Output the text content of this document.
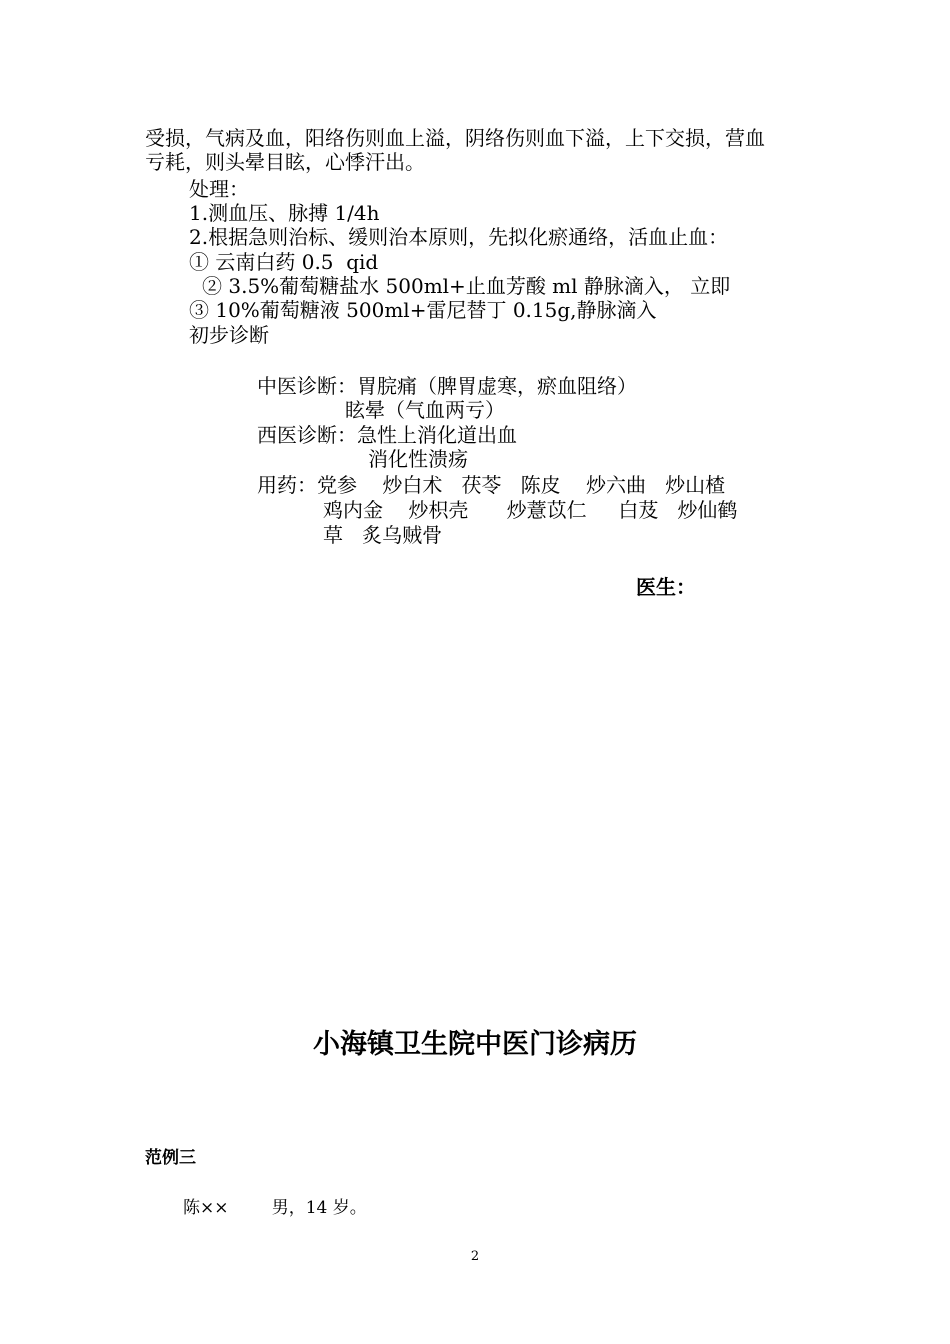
受损，气病及血，阳络伤则血上溢，阴络伤则血下溢，上下交损，营血
亏耗，则头晕目眩，心悸汗出。
处理：
1.测血压、脉搏 1/4h
2.根据急则治标、缓则治本原则，先拟化瘀通络，活血止血：
① 云南白药 0.5  qid
② 3.5%葡萄糖盐水 500ml+止血芳酸 ml 静脉滴入， 立即
③ 10%葡萄糖液 500ml+雷尼替丁 0.15g,静脉滴入
初步诊断
中医诊断：胃脘痛（脾胃虚寒，瘀血阻络）
眩晕（气血两亏）
西医诊断：急性上消化道出血
消化性溃疡
用药：党参    炒白术   茯苓   陈皮    炒六曲   炒山楂
鸡内金    炒枳壳      炒薏苡仁     白芨   炒仙鹤
草   炙乌贼骨
医生：
小海镇卫生院中医门诊病历
范例三
陈××        男，14 岁。
2
